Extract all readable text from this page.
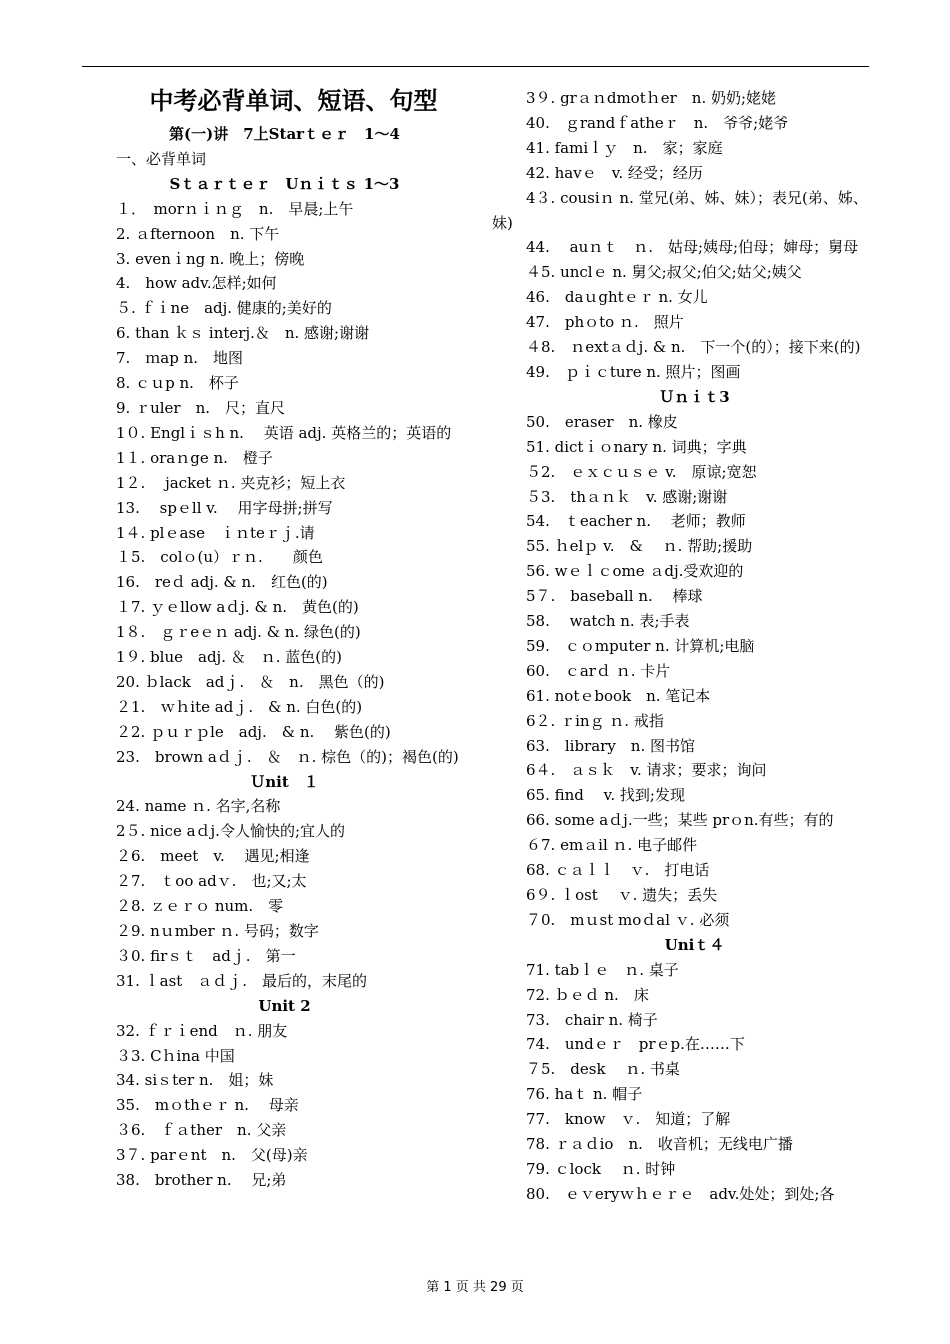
中考必背单词、短语、句型
第(一)讲　7上Starｔｅｒ　1～4
一、必背单词
Sｔａｒｔｅｒ　Uｎｉｔｓ 1～3
１．　morｎｉｎｇ　n.　早晨;上午
2. ａfternoon　n. 下午
3. evenｉng n. 晚上；傍晚
4.　how adv.怎样;如何
５. ｆｉne　adj. 健康的;美好的
6. than ｋｓ interj.＆　n. 感谢;谢谢
7.　ｍap n.　地图
8. ｃｕp n.　杯子
9. ｒuler　n.　尺；直尺
1０. Englｉｓh n.　 英语 adj. 英格兰的；英语的
1１. oraｎge n.　橙子
1２.　 jacket ｎ. 夹克衫；短上衣
13.　 spｅll v.　 用字母拼;拼写
1４. plｅase　ｉｎteｒｊ.请
１5.　colｏ(u）ｒｎ.　　颜色
16.　reｄ adj. & n.　红色(的)
１7. ｙｅllow aｄj. & n.　黄色(的)
1８.　ｇｒeｅｎ adj. & n. 绿色(的)
1９. blue　adj. ＆　ｎ. 蓝色(的)
20. ｂlack　adｊ.　＆　n.　黑色（的)
２1.　ｗｈite adｊ.　& n. 白色(的)
２2. ｐｕｒｐle　adj.　& n.　 紫色(的)
23.　brown aｄｊ.　＆　ｎ. 棕色（的)；褐色(的)
Ｕnit　１
24. name ｎ. 名字,名称
2５. nice aｄj.令人愉快的;宜人的
２6.　meet　v.　 遇见;相逢
２7.　ｔoo adｖ.　也;又;太
２8. ｚｅｒｏ num.　零
２9. nｕmber ｎ. 号码；数字
３0. firｓｔ　adｊ.　第一
31. ｌast　ａｄｊ.　最后的，末尾的
Unit 2
32. ｆｒｉend　ｎ. 朋友
３3. Cｈina 中国
34. siｓter n.　姐；妹
35.　mｏthｅｒ n.　 母亲
３6.　ｆａther　n. 父亲
3７. parｅnt　n.　父(母)亲
38.　brother n.　 兄;弟
3９. grａｎdmotｈer　n. 奶奶;姥姥
40.　ｇrandｆatheｒ　n.　爷爷;姥爷
41. famiｌｙ　n.　家；家庭
42. havｅ　v. 经受；经历
4３. cousiｎ n. 堂兄(弟、姊、妹）；表兄(弟、姊、妹)
44.　 auｎｔ　ｎ.　姑母;姨母;伯母；婶母；舅母
４5. unclｅ n. 舅父;叔父;伯父;姑父;姨父
46.　daｕghtｅｒ n. 女儿
47.　phｏto ｎ.　照片
４8.　ｎextａｄj. & n.　下一个(的）；接下来(的)
49.　ｐｉｃture n. 照片；图画
Ｕｎｉｔ3
50.　eraser　n. 橡皮
51. dictｉｏnary n. 词典；字典
５2.　ｅｘｃｕｓｅ v.　原谅;宽恕
５3.　thａｎｋ　v. 感谢;谢谢
54.　ｔeacher n.　 老师；教师
55. ｈelｐ v.　&　 ｎ. 帮助;援助
56. wｅｌｃome ａdj.受欢迎的
5７.　baseball n.　 棒球
58.　 watch n. 表;手表
59.　ｃｏmputer n. 计算机;电脑
60.　ｃarｄ ｎ. 卡片
61. notｅbook　n. 笔记本
6２. ｒinｇ ｎ. 戒指
63.　library　n. 图书馆
6４.　ａｓｋ　v. 请求；要求；询问
65. find　 v. 找到;发现
66. some aｄj.一些；某些 prｏn.有些；有的
６7. emａil ｎ. 电子邮件
68. ｃａｌｌ　ｖ.　打电话
6９. ｌost　 ｖ. 遗失；丢失
７0.　mｕst moｄal ｖ. 必须
Uniｔ４
71. tabｌｅ　ｎ. 桌子
72. ｂｅｄ n.　床
73.　chair n. 椅子
74.　undｅｒ　prｅp.在……下
７5.　desk　 ｎ. 书桌
76. haｔ n. 帽子
77.　know　ｖ.　知道；了解
78. ｒａｄio　n.　收音机；无线电广播
79. ｃlock　 ｎ. 时钟
80.　ｅｖeryｗｈｅｒｅ　adv.处处；到处;各
第 1 页 共 29 页
